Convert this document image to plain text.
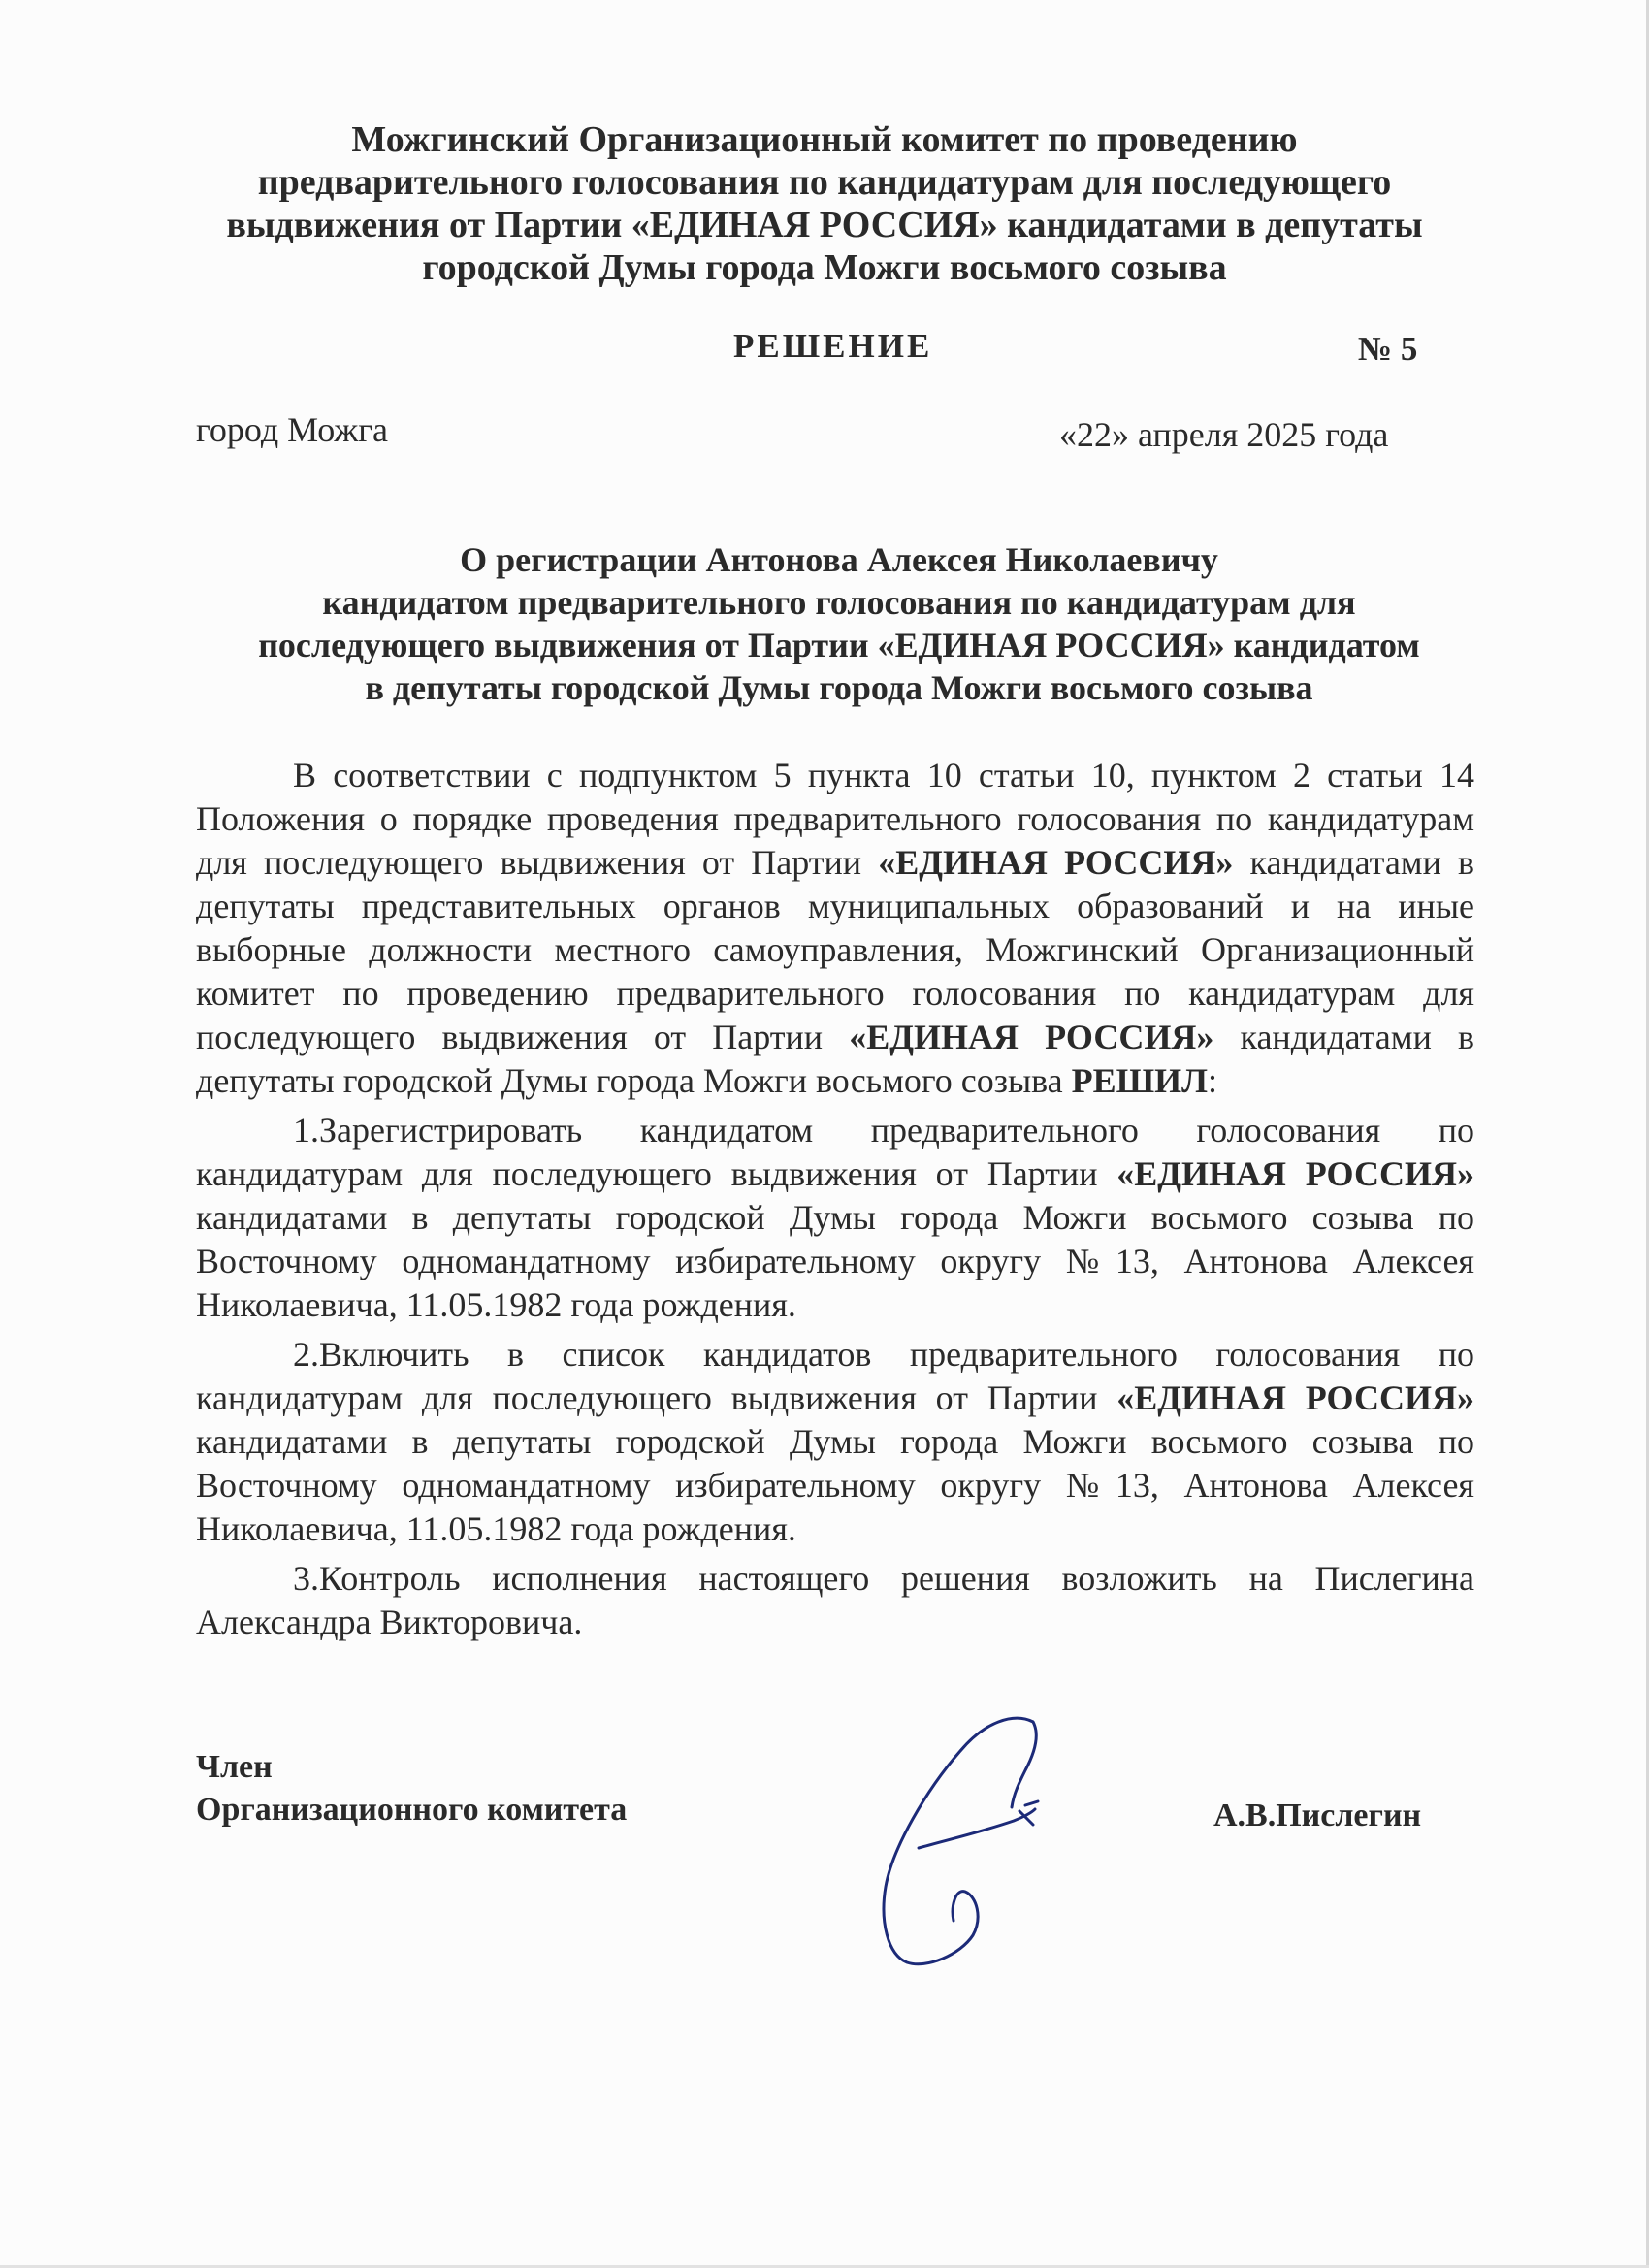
Можгинский Организационный комитет по проведению
предварительного голосования по кандидатурам для последующего
выдвижения от Партии «ЕДИНАЯ РОССИЯ» кандидатами в депутаты
городской Думы города Можги восьмого созыва
РЕШЕНИЕ	№ 5
город Можга	«22» апреля 2025 года
О регистрации Антонова Алексея Николаевичу
кандидатом предварительного голосования по кандидатурам для
последующего выдвижения от Партии «ЕДИНАЯ РОССИЯ» кандидатом
в депутаты городской Думы города Можги восьмого созыва

В соответствии с подпунктом 5 пункта 10 статьи 10, пунктом 2 статьи 14 Положения о порядке проведения предварительного голосования по кандидатурам для последующего выдвижения от Партии «ЕДИНАЯ РОССИЯ» кандидатами в депутаты представительных органов муниципальных образований и на иные выборные должности местного самоуправления, Можгинский Организационный комитет по проведению предварительного голосования по кандидатурам для последующего выдвижения от Партии «ЕДИНАЯ РОССИЯ» кандидатами в депутаты городской Думы города Можги восьмого созыва РЕШИЛ:

1.Зарегистрировать кандидатом предварительного голосования по кандидатурам для последующего выдвижения от Партии «ЕДИНАЯ РОССИЯ» кандидатами в депутаты городской Думы города Можги восьмого созыва по Восточному одномандатному избирательному округу №13, Антонова Алексея Николаевича, 11.05.1982 года рождения.

2.Включить в список кандидатов предварительного голосования по кандидатурам для последующего выдвижения от Партии «ЕДИНАЯ РОССИЯ» кандидатами в депутаты городской Думы города Можги восьмого созыва по Восточному одномандатному избирательному округу №13, Антонова Алексея Николаевича, 11.05.1982 года рождения.

3.Контроль исполнения настоящего решения возложить на Пислегина Александра Викторовича.

Член
Организационного комитета	А.В.Пислегин
